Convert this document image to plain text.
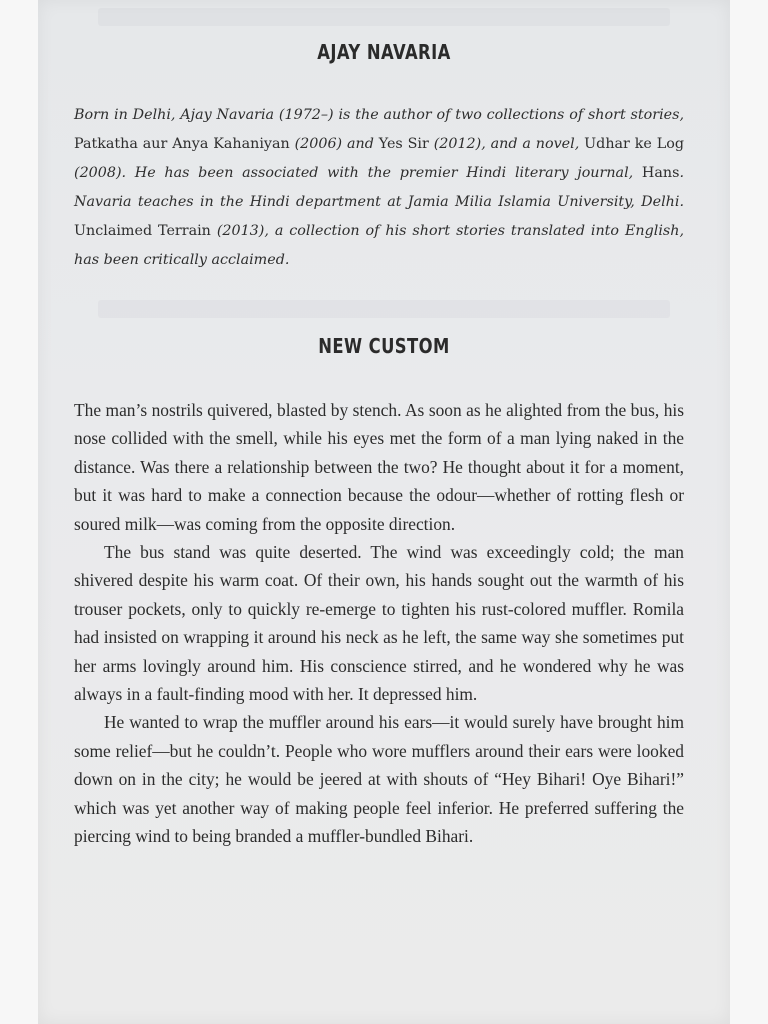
AJAY NAVARIA
Born in Delhi, Ajay Navaria (1972–) is the author of two collections of short stories, Patkatha aur Anya Kahaniyan (2006) and Yes Sir (2012), and a novel, Udhar ke Log (2008). He has been associated with the premier Hindi literary journal, Hans. Navaria teaches in the Hindi department at Jamia Milia Islamia University, Delhi. Unclaimed Terrain (2013), a collection of his short stories translated into English, has been critically acclaimed.
NEW CUSTOM

The man’s nostrils quivered, blasted by stench. As soon as he alighted from the bus, his nose collided with the smell, while his eyes met the form of a man lying naked in the distance. Was there a relationship between the two? He thought about it for a moment, but it was hard to make a connection because the odour—whether of rotting flesh or soured milk—was coming from the opposite direction.

The bus stand was quite deserted. The wind was exceedingly cold; the man shivered despite his warm coat. Of their own, his hands sought out the warmth of his trouser pockets, only to quickly re-emerge to tighten his rust-colored muffler. Romila had insisted on wrapping it around his neck as he left, the same way she sometimes put her arms lovingly around him. His conscience stirred, and he wondered why he was always in a fault-finding mood with her. It depressed him.

He wanted to wrap the muffler around his ears—it would surely have brought him some relief—but he couldn’t. People who wore mufflers around their ears were looked down on in the city; he would be jeered at with shouts of “Hey Bihari! Oye Bihari!” which was yet another way of making people feel inferior. He preferred suffering the piercing wind to being branded a muffler-bundled Bihari.
